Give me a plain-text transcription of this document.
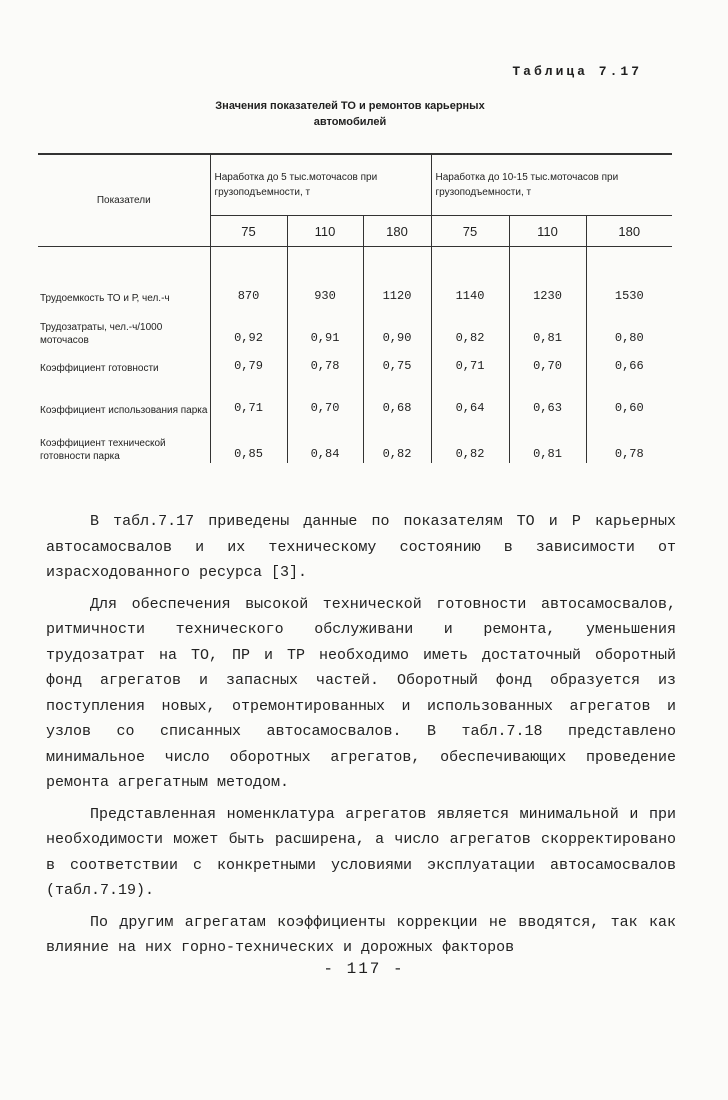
Таблица 7.17
Значения показателей ТО и ремонтов карьерных
автомобилей
Показатели	Наработка до 5 тыс.моточасов при грузоподъемности, т			Наработка до 10-15 тыс.моточасов при грузоподъемности, т		
	75	110	180	75	110	180
Трудоемкость ТО и Р, чел.-ч	870	930	1120	1140	1230	1530
Трудозатраты, чел.-ч/1000 моточасов	0,92	0,91	0,90	0,82	0,81	0,80
Коэффициент готовности	0,79	0,78	0,75	0,71	0,70	0,66
Коэффициент использования парка	0,71	0,70	0,68	0,64	0,63	0,60
Коэффициент технической готовности парка	0,85	0,84	0,82	0,82	0,81	0,78

В табл.7.17 приведены данные по показателям ТО и Р карьерных автосамосвалов и их техническому состоянию в зависимости от израсходованного ресурса [3].

Для обеспечения высокой технической готовности автосамосвалов, ритмичности технического обслуживани и ремонта, уменьшения трудозатрат на ТО, ПР и ТР необходимо иметь достаточный оборотный фонд агрегатов и запасных частей. Оборотный фонд образуется из поступления новых, отремонтированных и использованных агрегатов и узлов со списанных автосамосвалов. В табл.7.18 представлено минимальное число оборотных агрегатов, обеспечивающих проведение ремонта агрегатным методом.

Представленная номенклатура агрегатов является минимальной и при необходимости может быть расширена, а число агрегатов скорректировано в соответствии с конкретными условиями эксплуатации автосамосвалов (табл.7.19).

По другим агрегатам коэффициенты коррекции не вводятся, так как влияние на них горно-технических и дорожных факторов

- 117 -
